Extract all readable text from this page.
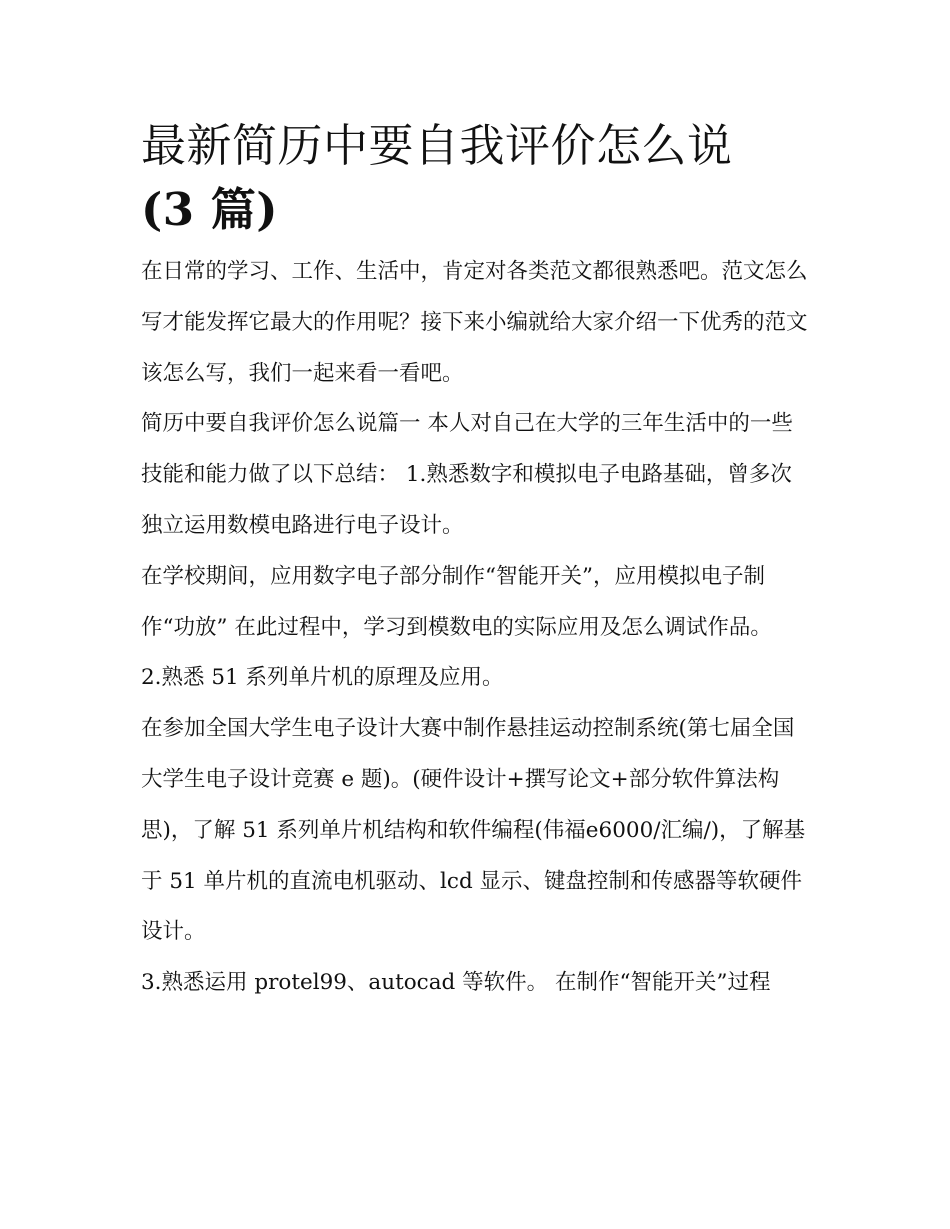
最新简历中要自我评价怎么说
(3 篇)

在日常的学习、工作、生活中，肯定对各类范文都很熟悉吧。范文怎么写才能发挥它最大的作用呢？接下来小编就给大家介绍一下优秀的范文该怎么写，我们一起来看一看吧。

简历中要自我评价怎么说篇一 本人对自己在大学的三年生活中的一些技能和能力做了以下总结： 1.熟悉数字和模拟电子电路基础，曾多次独立运用数模电路进行电子设计。

在学校期间，应用数字电子部分制作“智能开关”，应用模拟电子制作“功放” 在此过程中，学习到模数电的实际应用及怎么调试作品。

2.熟悉 51 系列单片机的原理及应用。

在参加全国大学生电子设计大赛中制作悬挂运动控制系统(第七届全国大学生电子设计竞赛 e 题)。(硬件设计+撰写论文+部分软件算法构思)，了解 51 系列单片机结构和软件编程(伟福e6000/汇编/)，了解基于 51 单片机的直流电机驱动、lcd 显示、键盘控制和传感器等软硬件设计。

3.熟悉运用 protel99、autocad 等软件。 在制作“智能开关”过程
